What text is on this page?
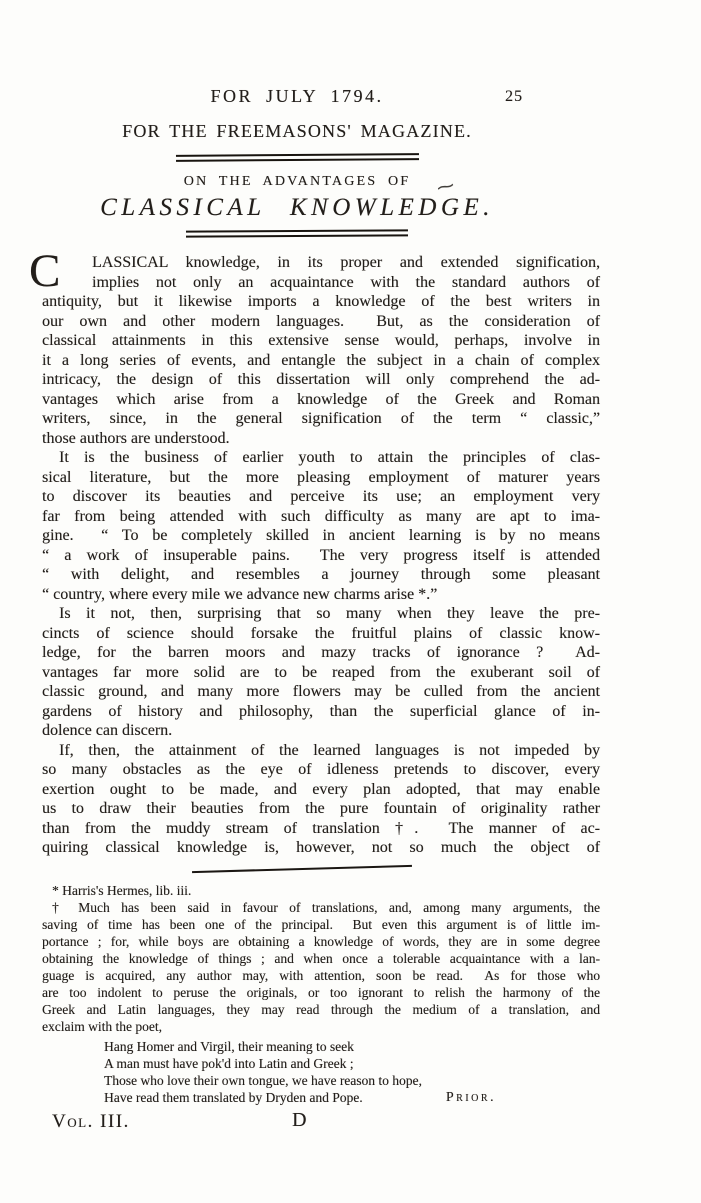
25
⁓
FOR JULY 1794.
FOR THE FREEMASONS' MAGAZINE.
ON THE ADVANTAGES OF
CLASSICAL KNOWLEDGE.
C	LASSICAL knowledge, in its proper and extended signification,
implies not only an acquaintance with the standard authors of
antiquity, but it likewise imports a knowledge of the best writers in
our own and other modern languages.  But, as the consideration of
classical attainments in this extensive sense would, perhaps, involve in
it a long series of events, and entangle the subject in a chain of complex
intricacy, the design of this dissertation will only comprehend the ad-
vantages which arise from a knowledge of the Greek and Roman
writers, since, in the general signification of the term “ classic,”
those authors are understood.
It is the business of earlier youth to attain the principles of clas-
sical literature, but the more pleasing employment of maturer years
to discover its beauties and perceive its use; an employment very
far from being attended with such difficulty as many are apt to ima-
gine.  “ To be completely skilled in ancient learning is by no means
“ a work of insuperable pains.  The very progress itself is attended
“ with delight, and resembles a journey through some pleasant
“ country, where every mile we advance new charms arise *.”
Is it not, then, surprising that so many when they leave the pre-
cincts of science should forsake the fruitful plains of classic know-
ledge, for the barren moors and mazy tracks of ignorance ?  Ad-
vantages far more solid are to be reaped from the exuberant soil of
classic ground, and many more flowers may be culled from the ancient
gardens of history and philosophy, than the superficial glance of in-
dolence can discern.
If, then, the attainment of the learned languages is not impeded by
so many obstacles as the eye of idleness pretends to discover, every
exertion ought to be made, and every plan adopted, that may enable
us to draw their beauties from the pure fountain of originality rather
than from the muddy stream of translation †.  The manner of ac-
quiring classical knowledge is, however, not so much the object of
* Harris's Hermes, lib. iii.
† Much has been said in favour of translations, and, among many arguments, the
saving of time has been one of the principal.  But even this argument is of little im-
portance ; for, while boys are obtaining a knowledge of words, they are in some degree
obtaining the knowledge of things ; and when once a tolerable acquaintance with a lan-
guage is acquired, any author may, with attention, soon be read.  As for those who
are too indolent to peruse the originals, or too ignorant to relish the harmony of the
Greek and Latin languages, they may read through the medium of a translation, and
exclaim with the poet,
Hang Homer and Virgil, their meaning to seek
A man must have pok'd into Latin and Greek ;
Those who love their own tongue, we have reason to hope,
Have read them translated by Dryden and Pope.	Prior.
Vol. III.	D
